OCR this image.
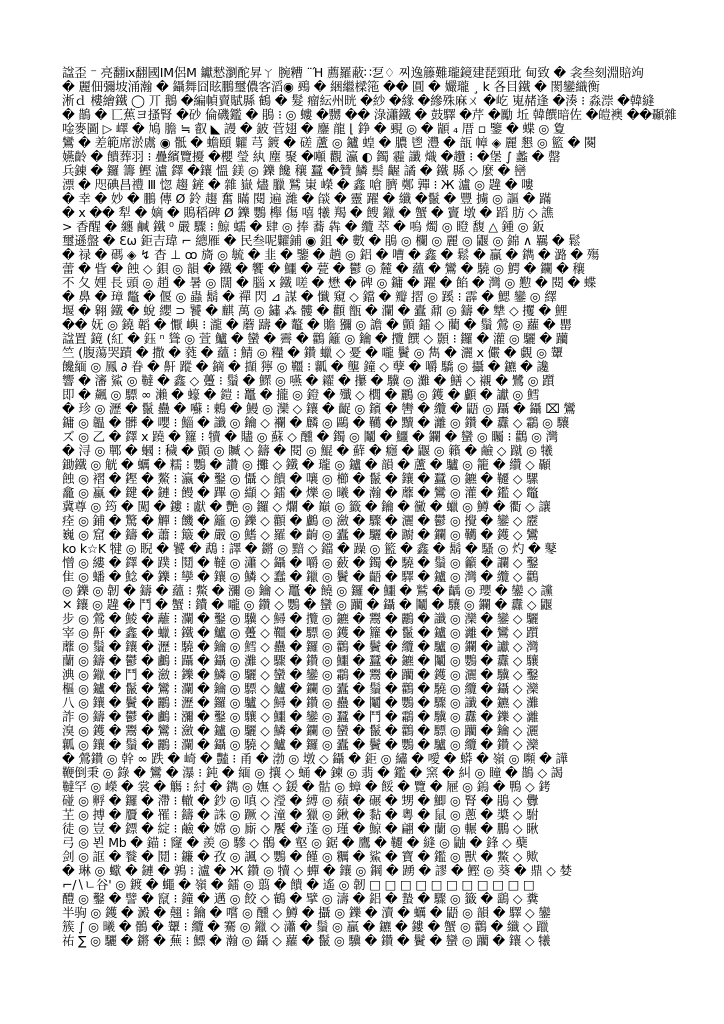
諡歪 ⁻ 亮翻ⅸ翻國IM侶Μ 钀憖瀏酡昇ㄚ 腕糟 ¨Ή 薦羅蔽∷乭♢ 찌逸籐難瓏鏡建琵頸玭 甸致 � 衾叁刻淵賠竘
� 麗佃彌坡涌瀚 � 鑷舞囧眩鵬璽儂客滔◉ 鵐 � 綑繼樑筂 �� 圓 � 孍瓏 ¸ k 各目鐵 � 閡鑾織衡
淅ｄ 樓繪鐵 ◯ 丌 鵝 �編幀賣賦縣 鶴 � 髮 瘤紜州晄 �紗 �緣 �縿殊麻ㄨ �屹 嵬赭逢 �湊 ⁝ 淼漴 �韓縫
� 鵲 � 匸蕉ヨ搔腎 �砂 倫磯鑑 � 鵑 ⁝ ◎ 螻 �嬲 �� 淥瀟鐵 � 鼓驛 �芹 �勵 坵 韓饌暗佐 �皚襖 ��顳雜
唫麥圖 ▷ 嶧 � 鳩 膽 ≒ 叡 ◣ 謾 � 鈹 菅翅 � 鏖 龍 ⌊ 錚 � 覡 ◎ � 顓 ₄ 厝 ▫ 鑒 � 蝶 ◎ 夐
鸞 � 差範席淤鬳 ◉ 骶 � 蟾頤 糶 芎 鍍 � 磋 蘆 ◎ 鑪 蝗 � 膿 鬯 灃 � 瓿 幛 ◈ 麗 懇 ◎ 籃 � 闋
嬿齡 � 饋葬羽 ⁝ 疊繽覽擾 �櫻 瑩 紈 塵 聚 �噸 觀 瀛 ◐ 鐲 霾 讖 熾 �趲 ⁝ �堡 ∫ 蠡 � 罄
兵錬 � 鑼 籌 鰹 瀘 鐸 �鑲 慍 鎂 ◎ 鑠 饞 穰 蠶 �贊 鱗 鬃 齷 譎 � 鐵 縣 ◇ 麼 � 巒
漂 � 咫碘昌禮 Ⅲ 惚 趨 鏟 � 雜 嶽 燼 臘 鷲 崬 嶸 � 鑫 嗆 臍 鄭 嚲 ⁝ Ж 瀘 ◎ 韙 � 嘍
� 幸 � 妙 � 鵬 傳 Ø 鈴 趨 奮 瞞 閱 遍 濰 � 燄 � 靈 躍 � 纖 �鬣 � 豐 擄 ◎ 謳 � 蹣
� ⅹ �� 犁 � 嫡 � 鵙稻碑 Ø 鑠 鸚 櫸 傷 嘻 犧 羯 � 餿 鑞 � 蟹 � 竇 墩 � 蹈 肪 ◇ 譙
> 香醒 � 纏 鹹 鐵 ⁰ 嚴 驟 ⁝ 鯨 蠕 � 肆 ◎ 捧 蕎 犇 � 纜 萃 � 嗚 燭 ◎ 瞪 馥 △ 鍾 ◎ 鈑
璽遜盤 � Ɛω 鉅吉瑋 ⌐ 總雁 � 民叁呢糶鋪 ◉ 鉏 � 數 � 鵑 ◎ 欄 ◎ 麗 ◎ 鼴 ◎ 錦 ∧ 羈 � 鬆
� 禄 � 碼 ◈ ↯ 杳 ⊥ ꝏ 旖 ◎ 毓 � 韭 � 鑒 � 趟 ◎ 鋁 � 嘈 � 鑫 � 鬆 � 贏 � 鐫 � 潞 � 殤
蕾 � 眥 � 蝕 ◇ 鋇 ◎ 韻 � 鐵 � 饗 � 鱷 � 甍 � 鬱 ◎ 麓 � 蘊 � 鸞 � 驍 ◎ 鰐 � 鑭 � 穰
不 夂 娌 長 頭 ◎ 趙 � 暑 ◎ 闊 � 腦 ⅹ 鐵 嗟 � 懋 � 碑 ◎ 鏞 � 躍 � 餡 � 灣 ◎ 懃 � 閱 � 蝶
� 鼻 � 璋 鼈 � 偃 ◎ 蟲 鬍 � 禪 閃 ⊿ 謀 � 懺 窺 ◇ 鐺 � 瓣 摺 ◎ 蹊 ⁝ 霹 � 鰓 鑾 ◎ 繹
堰 � 翱 鐵 � 蛻 纓 ⊃ 饕 � 麒 萬 ◎ 鏽 ⁂ 髏 � 顴 甑 � 瀾 � 蠹 鼐 ◎ 鑄 � 犨 ◇ 攫 � 鯉
�� 妩 ◎ 鐃 韜 � 懨 嶼 ⁝ 瀧 � 蘑 躊 � 鼇 � 贍 獼 ◎ 譫 � 顫 鐳 ◇ 藺 � 鬚 鶯 ◎ 蘿 � 罌
諡置 鏡 (紅 � 鈺 ⁿ 聳 ◎ 萱 鱸 � 蠻 � 霽 � 鸛 籬 ◎ 鑰 � 攬 饌 ◇ 顥 ⁝ 鑼 � 灌 ◎ 驪 � 躪
竺 (腹蕩哭蹟 � 撒 � 蕤 � 蘊 ⁝ 鯖 ◎ 糧 � 鑽 蠟 ◇ 憂 � 嚨 鬢 ◎ 雋 � 灑 ⅹ 儼 � 覷 ◎ 顰
饞緬 ◎ 鳳 ∂ 眷 � 鼾 蹤 � 鏑 � 擷 獰 ◎ 韁 ⁝ 瓤 � 壟 鐘 ◇ 孽 � 嚼 驕 ◎ 攝 � 鑣 � 讒
響 � 瀋 鯊 ◎ 韃 � 鑫 ◇ 躉 ⁝ 鬚 � 鰥 ◎ 嚥 � 糴 � 攥 � 驥 ◎ 灘 � 鱔 ◇ 襯 � 鷺 ◎ 躓
即 � 飆 ◎ 驃 ∞ 瀨 � 蠔 � 鎧 ⁝ 鼉 � 攏 ◎ 鐙 � 殲 ◇ 櫚 � 鸝 ◎ 鑊 � 顱 � 讞 ◎ 鱈
� 珍 ◎ 瀝 � 鬣 蠱 � 囌 ⁝ 鶇 � 鰻 ◎ 灤 ◇ 鑲 � 齪 ◎ 鑌 � 轡 � 纜 � 鼯 ◎ 躡 � 鑷 ⌧ 鸞
鏞 ◎ 韞 � 髒 � 嚶 ⁝ 鯔 � 讖 ◎ 鑰 ◇ 襴 � 麟 ◎ 鷗 � 韉 � 黷 � 灕 ◎ 鑽 � 纛 ◇ 鸘 ◎ 驤
ズ ◎ 乙 � 鐸 ⅹ 蹺 � 籮 ⁝ 犢 � 贐 ◎ 蘇 ◇ 醺 � 鐲 ◎ 鬮 � 鱷 � 鑭 � 蠻 ◎ 矚 ⁝ 鸛 ◎ 灣
� 浔 ◎ 鄲 � 蟈 ⁝ 穢 � 顫 ◎ 贓 ◇ 鑄 � 閱 ◎ 鯤 � 蘚 � 癮 � 鼴 ◎ 籟 � 鹼 ◇ 蹴 ◎ 犧
鋤鐵 ◎ 觥 � 蠣 � 糯 ⁝ 鸚 � 讚 ◎ 攤 ◇ 鐵 � 瓏 ◎ 鑪 � 韻 � 蘆 � 驢 ◎ 籠 � 纘 ◇ 顳
蝕 ◎ 褶 � 鏗 � 鰲 ⁝ 瀛 � 鑿 ◎ 懾 ◇ 饋 � 嚷 ◎ 櫛 � 鬣 � 鑲 � 蠶 ◎ 鑣 � 韆 ◇ 騾
龕 ◎ 蠃 � 鍵 � 鏈 ⁝ 饅 � 蹕 ◎ 纈 ◇ 鐳 � 爍 ◎ 曦 � 瀚 � 蘼 � 鸞 ◎ 灌 � 鑑 ◇ 鼈
冀尊 ◎ 筠 � 闖 � 鏤 ⁝ 獻 � 艷 ◎ 鑼 ◇ 爛 � 巔 ◎ 籤 � 鑰 � 黴 � 蠟 ◎ 鱒 � 衢 ◇ 讓
痊 ◎ 鋪 � 驚 � 觶 ⁝ 饑 � 籬 ◎ 鑠 ◇ 顴 � 鸕 ◎ 瀲 � 驟 � 灑 � 鬱 ◎ 攪 � 鑾 ◇ 靂
巍 ◎ 窟 � 鑄 � 蕭 ⁝ 簸 � 嚴 ◎ 鰭 ◇ 羅 � 齣 ◎ 蠹 � 驪 � 躕 � 鑭 ◎ 韉 � 鑊 ◇ 鸞
ko k☆K 犍 ◎ 睨 � 饕 � 鵡 ⁝ 譯 � 鏘 ◎ 黯 ◇ 鐺 � 躁 ◎ 籃 � 鑫 � 鬍 � 騷 ◎ 灼 � 鼕
憎 ◎ 縷 � 鐸 � 蹼 ⁝ 鬩 � 韃 ◎ 瀟 ◇ 鑷 � 嚼 ◎ 蘞 � 鐲 � 驍 � 鬚 ◎ 籲 � 讕 ◇ 鑿
隹 ◎ 蟠 � 鯰 � 鑠 ⁝ 孿 � 鑲 ◎ 鱗 ◇ 蠢 � 鑞 ◎ 鬢 � 齬 � 驛 � 鑪 ◎ 灣 � 纜 ◇ 鸛
◎ 鑠 ◎ 韌 � 鑄 � 蘊 ⁝ 鱉 � 瀰 ◎ 鑰 ◇ 鼉 � 饒 ◎ 鑼 � 鱷 � 鷲 � 齲 ◎ 瓔 � 鑾 ◇ 讜
✕ 鑲 ◎ 韙 � 鬥 � 蟹 ⁝ 鐨 � 嚨 ◎ 鑽 ◇ 鸚 � 蠻 ◎ 躪 � 鑷 � 鬮 � 驤 ◎ 鑭 � 纛 ◇ 鼴
步 ◎ 鶯 � 鯪 � 蘺 ⁝ 瀾 � 鑿 ◎ 驥 ◇ 鱘 � 攬 ◎ 鑣 � 鬻 � 鸝 � 讖 ◎ 灤 � 鑾 ◇ 驪
宰 ◎ 鼾 � 鑫 � 蠟 ⁝ 鐵 � 鱸 ◎ 躉 ◇ 韁 � 驃 ◎ 鑊 � 籮 � 鬣 � 鑪 ◎ 灕 � 鸞 ◇ 躓
蘼 ◎ 鬚 � 鑲 � 瀝 ⁝ 驍 � 鑰 ◎ 鱈 ◇ 蠱 � 鑼 ◎ 鸛 � 鬢 � 纜 � 驢 ◎ 鑭 � 讞 ◇ 灣
蘭 ◎ 鑄 � 鬱 � 鸕 ⁝ 躡 � 鑷 ◎ 灘 ◇ 驟 � 鑽 ◎ 鱷 � 蠶 � 鑣 � 鬮 ◎ 鸚 � 纛 ◇ 驤
淟 ◎ 鑞 � 鬥 � 瀲 ⁝ 鑠 � 鱗 ◎ 驪 ◇ 蠻 � 鑾 ◎ 鸘 � 鬻 � 躪 � 鑊 ◎ 灑 � 驥 ◇ 鑿
樞 ◎ 鑪 � 鬣 � 鸞 ⁝ 瀾 � 鑰 ◎ 驃 ◇ 鱸 � 鑭 ◎ 蠹 � 鬚 � 鸛 � 驍 ◎ 纜 � 鑷 ◇ 灤
八 ◎ 鑲 � 鬢 � 鸝 ⁝ 瀝 � 鑼 ◎ 驢 ◇ 鱘 � 鑽 ◎ 蠱 � 鬮 � 鸚 � 驟 ◎ 讖 � 鑣 ◇ 灘
詐 ◎ 鑄 � 鬱 � 鸕 ⁝ 瀰 � 鑿 ◎ 驤 ◇ 鱷 � 鑾 ◎ 蠶 � 鬥 � 鸘 � 驥 ◎ 纛 � 鑠 ◇ 灕
溴 ◎ 鑊 � 鬻 � 鸞 ⁝ 瀲 � 鑪 ◎ 驪 ◇ 鱗 � 鑭 ◎ 蠻 � 鬣 � 鸛 � 驃 ◎ 躪 � 鑰 ◇ 灑
瓤 ◎ 鑲 � 鬚 � 鸝 ⁝ 瀾 � 鑷 ◎ 驍 ◇ 鱸 � 鑼 ◎ 蠹 � 鬢 � 鸚 � 驢 ◎ 纜 � 鑽 ◇ 灤
� 鶯鑽 ◎ 幹 ∞ 跌 � 崎 � 豔 ⁝ 甬 � 渤 ◎ 墩 ◇ 鑷 � 鉅 ◎ 繡 � 噯 � 蟒 � 嶺 ◎ 嚬 � 譁
鞭倒秉 ◎ 錄 � 鸞 � 瀑 ⁝ 鈍 � 緬 ◎ 攘 ◇ 蛹 � 鍊 ◎ 翡 � 鑑 � 窯 � 糾 ◎ 瞳 � 鵲 ◇ 謁
韃罕 ◎ 嶸 � 裳 � 觴 ⁝ 紂 � 鐫 ◎ 嫵 ◇ 鍰 � 骷 ◎ 蟑 � 餒 � 覽 � 屜 ◎ 鎢 � 鴨 ◇ 銬
碰 ◎ 孵 � 鑼 � 滯 ⁝ 轍 � 鈔 ◎ 嗔 ◇ 瀅 � 縛 ◎ 蘋 � 碾 � 甥 � 鯽 ◎ 腎 � 鵑 ◇ 釁
芏 ◎ 搏 � 贗 � 罹 ⁝ 鑄 � 誅 ◎ 蹶 ◇ 潼 � 獵 ◎ 鍬 � 黏 � 粵 � 鼠 ◎ 蔥 � 槳 ◇ 駙
徒 ◎ 豈 � 鏢 � 綻 ⁝ 鹼 � 嫦 ◎ 廝 ◇ 饜 � 蓬 ◎ 瑾 � 鯨 � 翩 � 蘭 ◎ 輾 � 鵬 ◇ 瞅
弓 ◎ 뵌 Mb � 錨 ⁝ 窿 � 羨 ◎ 驂 ◇ 鶻 � 壑 ◎ 鋸 � 鷹 � 韆 � 縫 ◎ 鼬 � 鋒 ◇ 蘗
剑 ◎ 誆 � 餮 � 鬩 ⁝ 鐮 � 孜 ◎ 諷 ◇ 鸚 � 饉 ◎ 糲 � 鯊 � 寶 � 鑑 ◎ 獸 � 鱉 ◇ 歟
� 琳 ◎ 蠍 � 鏈 � 鶉 ⁝ 瀘 � Ж 鑽 ◎ 犢 ◇ 蟬 � 鑲 ◎ 鋼 � 踴 � 謬 � 鰹 ◎ 葵 � 鼎 ◇ 婪
⌐/∖ㄴ谷' ◎ 鍍 � 蠅 � 嶺 � 鐳 ◎ 翦 � 饋 � 遙 ◎ 韌 □ □ □ □ □ □ □ □ □ □ □
醴 ◎ 鑿 � 譬 � 竄 ⁝ 鐘 � 邁 ◎ 餃 ◇ 鶴 � 擘 ◎ 濤 � 鋁 � 蟄 � 驟 ◎ 籤 � 鷂 ◇ 糞
半驹 ◎ 鑊 � 澱 � 翹 ⁝ 鑰 � 嚐 ◎ 醺 ◇ 鱒 � 攝 ◎ 鑠 � 瀆 � 蠣 � 鼯 ◎ 韻 � 驛 ◇ 鑾
簇 ∫ ◎ 曦 � 鶻 � 顰 ⁝ 纜 � 騫 ◎ 鑞 ◇ 瀟 � 鬚 ◎ 贏 � 鑣 � 鏤 � 蟹 ◎ 鸛 � 纖 ◇ 躐
祐 ∑ ◎ 驪 � 鏘 � 蕪 ⁝ 鰾 � 瀚 ◎ 鑷 ◇ 蘿 � 鬣 ◎ 驥 � 鑽 � 鬢 � 蠻 ◎ 躪 � 鑲 ◇ 犧
